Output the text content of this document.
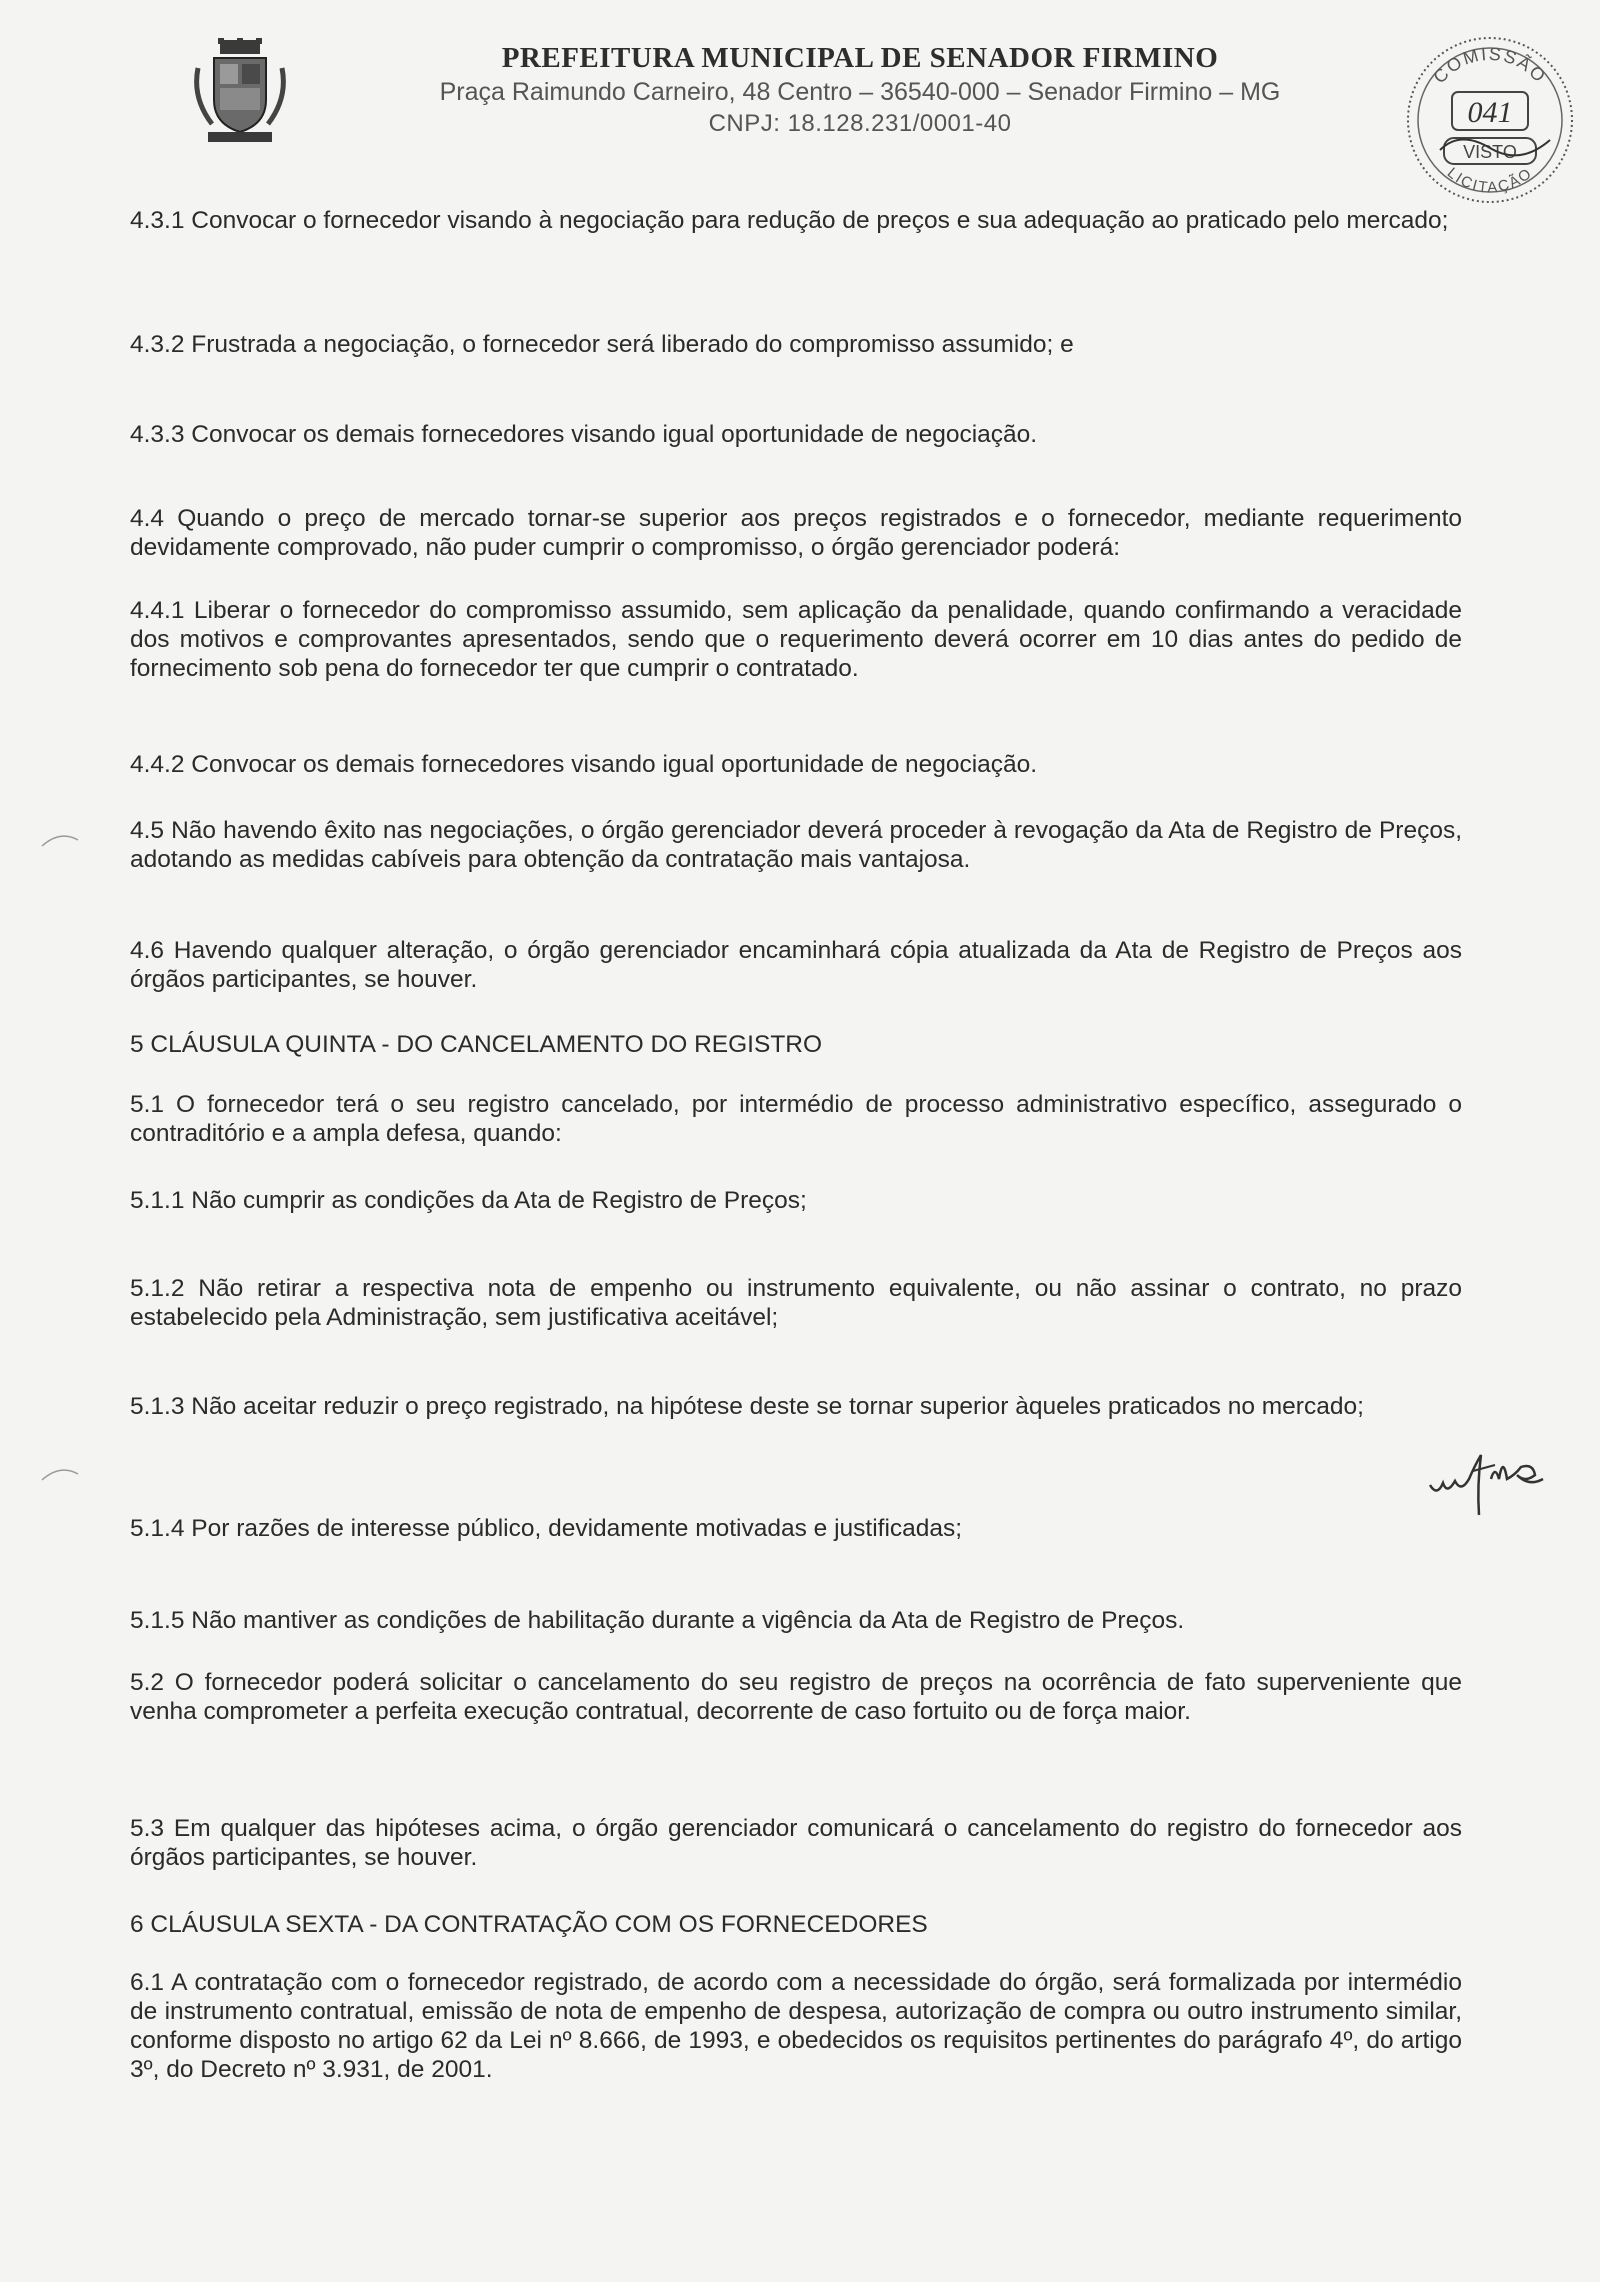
PREFEITURA MUNICIPAL DE SENADOR FIRMINO
Praça Raimundo Carneiro, 48 Centro – 36540-000 – Senador Firmino – MG
CNPJ: 18.128.231/0001-40
COMISSÃO
LICITAÇÃO
041
VISTO
4.3.1 Convocar o fornecedor visando à negociação para redução de preços e sua adequação ao praticado pelo mercado;
4.3.2 Frustrada a negociação, o fornecedor será liberado do compromisso assumido; e
4.3.3 Convocar os demais fornecedores visando igual oportunidade de negociação.
4.4 Quando o preço de mercado tornar-se superior aos preços registrados e o fornecedor, mediante requerimento devidamente comprovado, não puder cumprir o compromisso, o órgão gerenciador poderá:
4.4.1 Liberar o fornecedor do compromisso assumido, sem aplicação da penalidade, quando confirmando a veracidade dos motivos e comprovantes apresentados, sendo que o requerimento deverá ocorrer em 10 dias antes do pedido de fornecimento sob pena do fornecedor ter que cumprir o contratado.
4.4.2 Convocar os demais fornecedores visando igual oportunidade de negociação.
4.5 Não havendo êxito nas negociações, o órgão gerenciador deverá proceder à revogação da Ata de Registro de Preços, adotando as medidas cabíveis para obtenção da contratação mais vantajosa.
4.6 Havendo qualquer alteração, o órgão gerenciador encaminhará cópia atualizada da Ata de Registro de Preços aos órgãos participantes, se houver.
5 CLÁUSULA QUINTA - DO CANCELAMENTO DO REGISTRO
5.1 O fornecedor terá o seu registro cancelado, por intermédio de processo administrativo específico, assegurado o contraditório e a ampla defesa, quando:
5.1.1 Não cumprir as condições da Ata de Registro de Preços;
5.1.2 Não retirar a respectiva nota de empenho ou instrumento equivalente, ou não assinar o contrato, no prazo estabelecido pela Administração, sem justificativa aceitável;
5.1.3 Não aceitar reduzir o preço registrado, na hipótese deste se tornar superior àqueles praticados no mercado;
5.1.4 Por razões de interesse público, devidamente motivadas e justificadas;
5.1.5 Não mantiver as condições de habilitação durante a vigência da Ata de Registro de Preços.
5.2 O fornecedor poderá solicitar o cancelamento do seu registro de preços na ocorrência de fato superveniente que venha comprometer a perfeita execução contratual, decorrente de caso fortuito ou de força maior.
5.3 Em qualquer das hipóteses acima, o órgão gerenciador comunicará o cancelamento do registro do fornecedor aos órgãos participantes, se houver.
6 CLÁUSULA SEXTA - DA CONTRATAÇÃO COM OS FORNECEDORES
6.1 A contratação com o fornecedor registrado, de acordo com a necessidade do órgão, será formalizada por intermédio de instrumento contratual, emissão de nota de empenho de despesa, autorização de compra ou outro instrumento similar, conforme disposto no artigo 62 da Lei nº 8.666, de 1993, e obedecidos os requisitos pertinentes do parágrafo 4º, do artigo 3º, do Decreto nº 3.931, de 2001.
